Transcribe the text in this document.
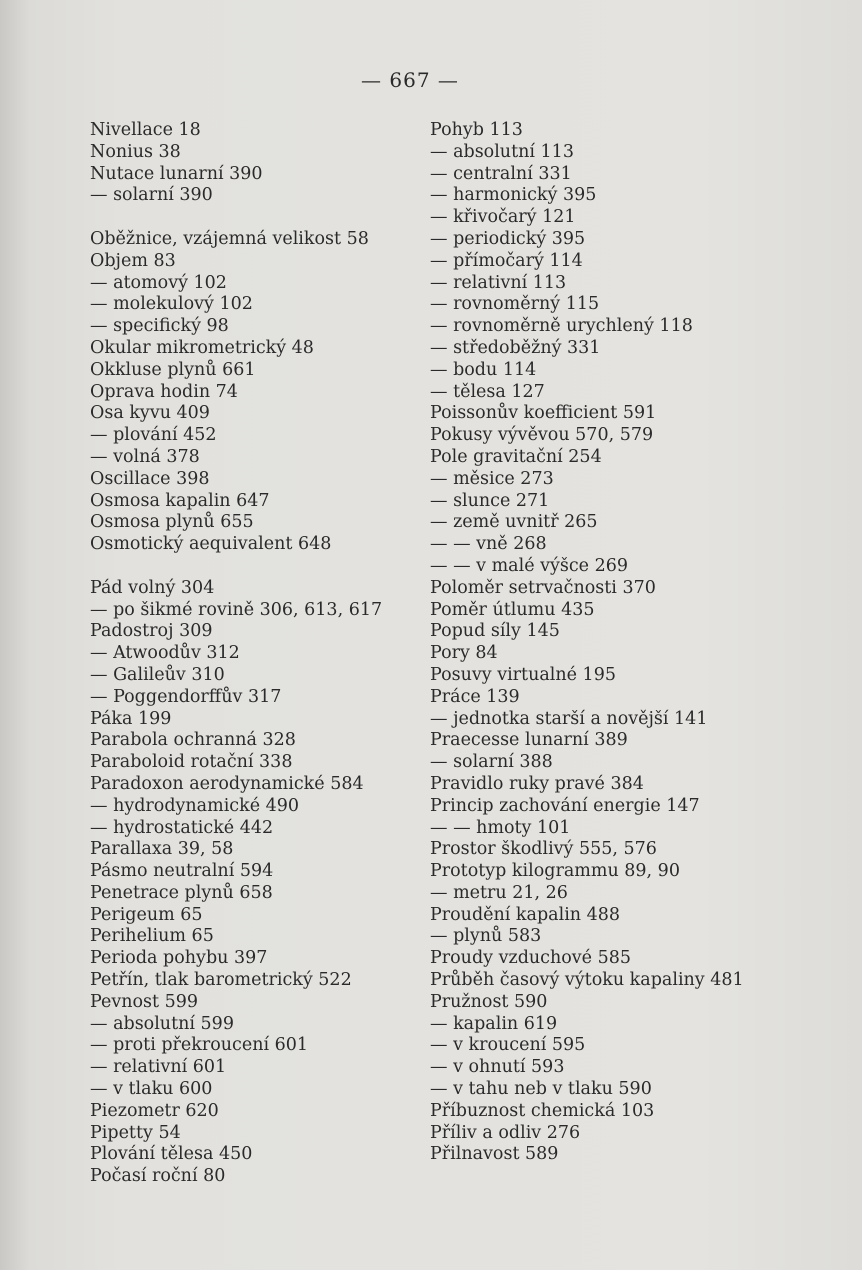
— 667 —
Nivellace 18
Nonius 38
Nutace lunarní 390
— solarní 390
Oběžnice, vzájemná velikost 58
Objem 83
— atomový 102
— molekulový 102
— specifický 98
Okular mikrometrický 48
Okkluse plynů 661
Oprava hodin 74
Osa kyvu 409
— plování 452
— volná 378
Oscillace 398
Osmosa kapalin 647
Osmosa plynů 655
Osmotický aequivalent 648
Pád volný 304
— po šikmé rovině 306, 613, 617
Padostroj 309
— Atwoodův 312
— Galileův 310
— Poggendorffův 317
Páka 199
Parabola ochranná 328
Paraboloid rotační 338
Paradoxon aerodynamické 584
— hydrodynamické 490
— hydrostatické 442
Parallaxa 39, 58
Pásmo neutralní 594
Penetrace plynů 658
Perigeum 65
Perihelium 65
Perioda pohybu 397
Petřín, tlak barometrický 522
Pevnost 599
— absolutní 599
— proti překroucení 601
— relativní 601
— v tlaku 600
Piezometr 620
Pipetty 54
Plování tělesa 450
Počasí roční 80
Pohyb 113
— absolutní 113
— centralní 331
— harmonický 395
— křivočarý 121
— periodický 395
— přímočarý 114
— relativní 113
— rovnoměrný 115
— rovnoměrně urychlený 118
— středoběžný 331
— bodu 114
— tělesa 127
Poissonův koefficient 591
Pokusy vývěvou 570, 579
Pole gravitační 254
— měsice 273
— slunce 271
— země uvnitř 265
— — vně 268
— — v malé výšce 269
Poloměr setrvačnosti 370
Poměr útlumu 435
Popud síly 145
Pory 84
Posuvy virtualné 195
Práce 139
— jednotka starší a novější 141
Praecesse lunarní 389
— solarní 388
Pravidlo ruky pravé 384
Princip zachování energie 147
— — hmoty 101
Prostor škodlivý 555, 576
Prototyp kilogrammu 89, 90
— metru 21, 26
Proudění kapalin 488
— plynů 583
Proudy vzduchové 585
Průběh časový výtoku kapaliny 481
Pružnost 590
— kapalin 619
— v kroucení 595
— v ohnutí 593
— v tahu neb v tlaku 590
Příbuznost chemická 103
Příliv a odliv 276
Přilnavost 589
